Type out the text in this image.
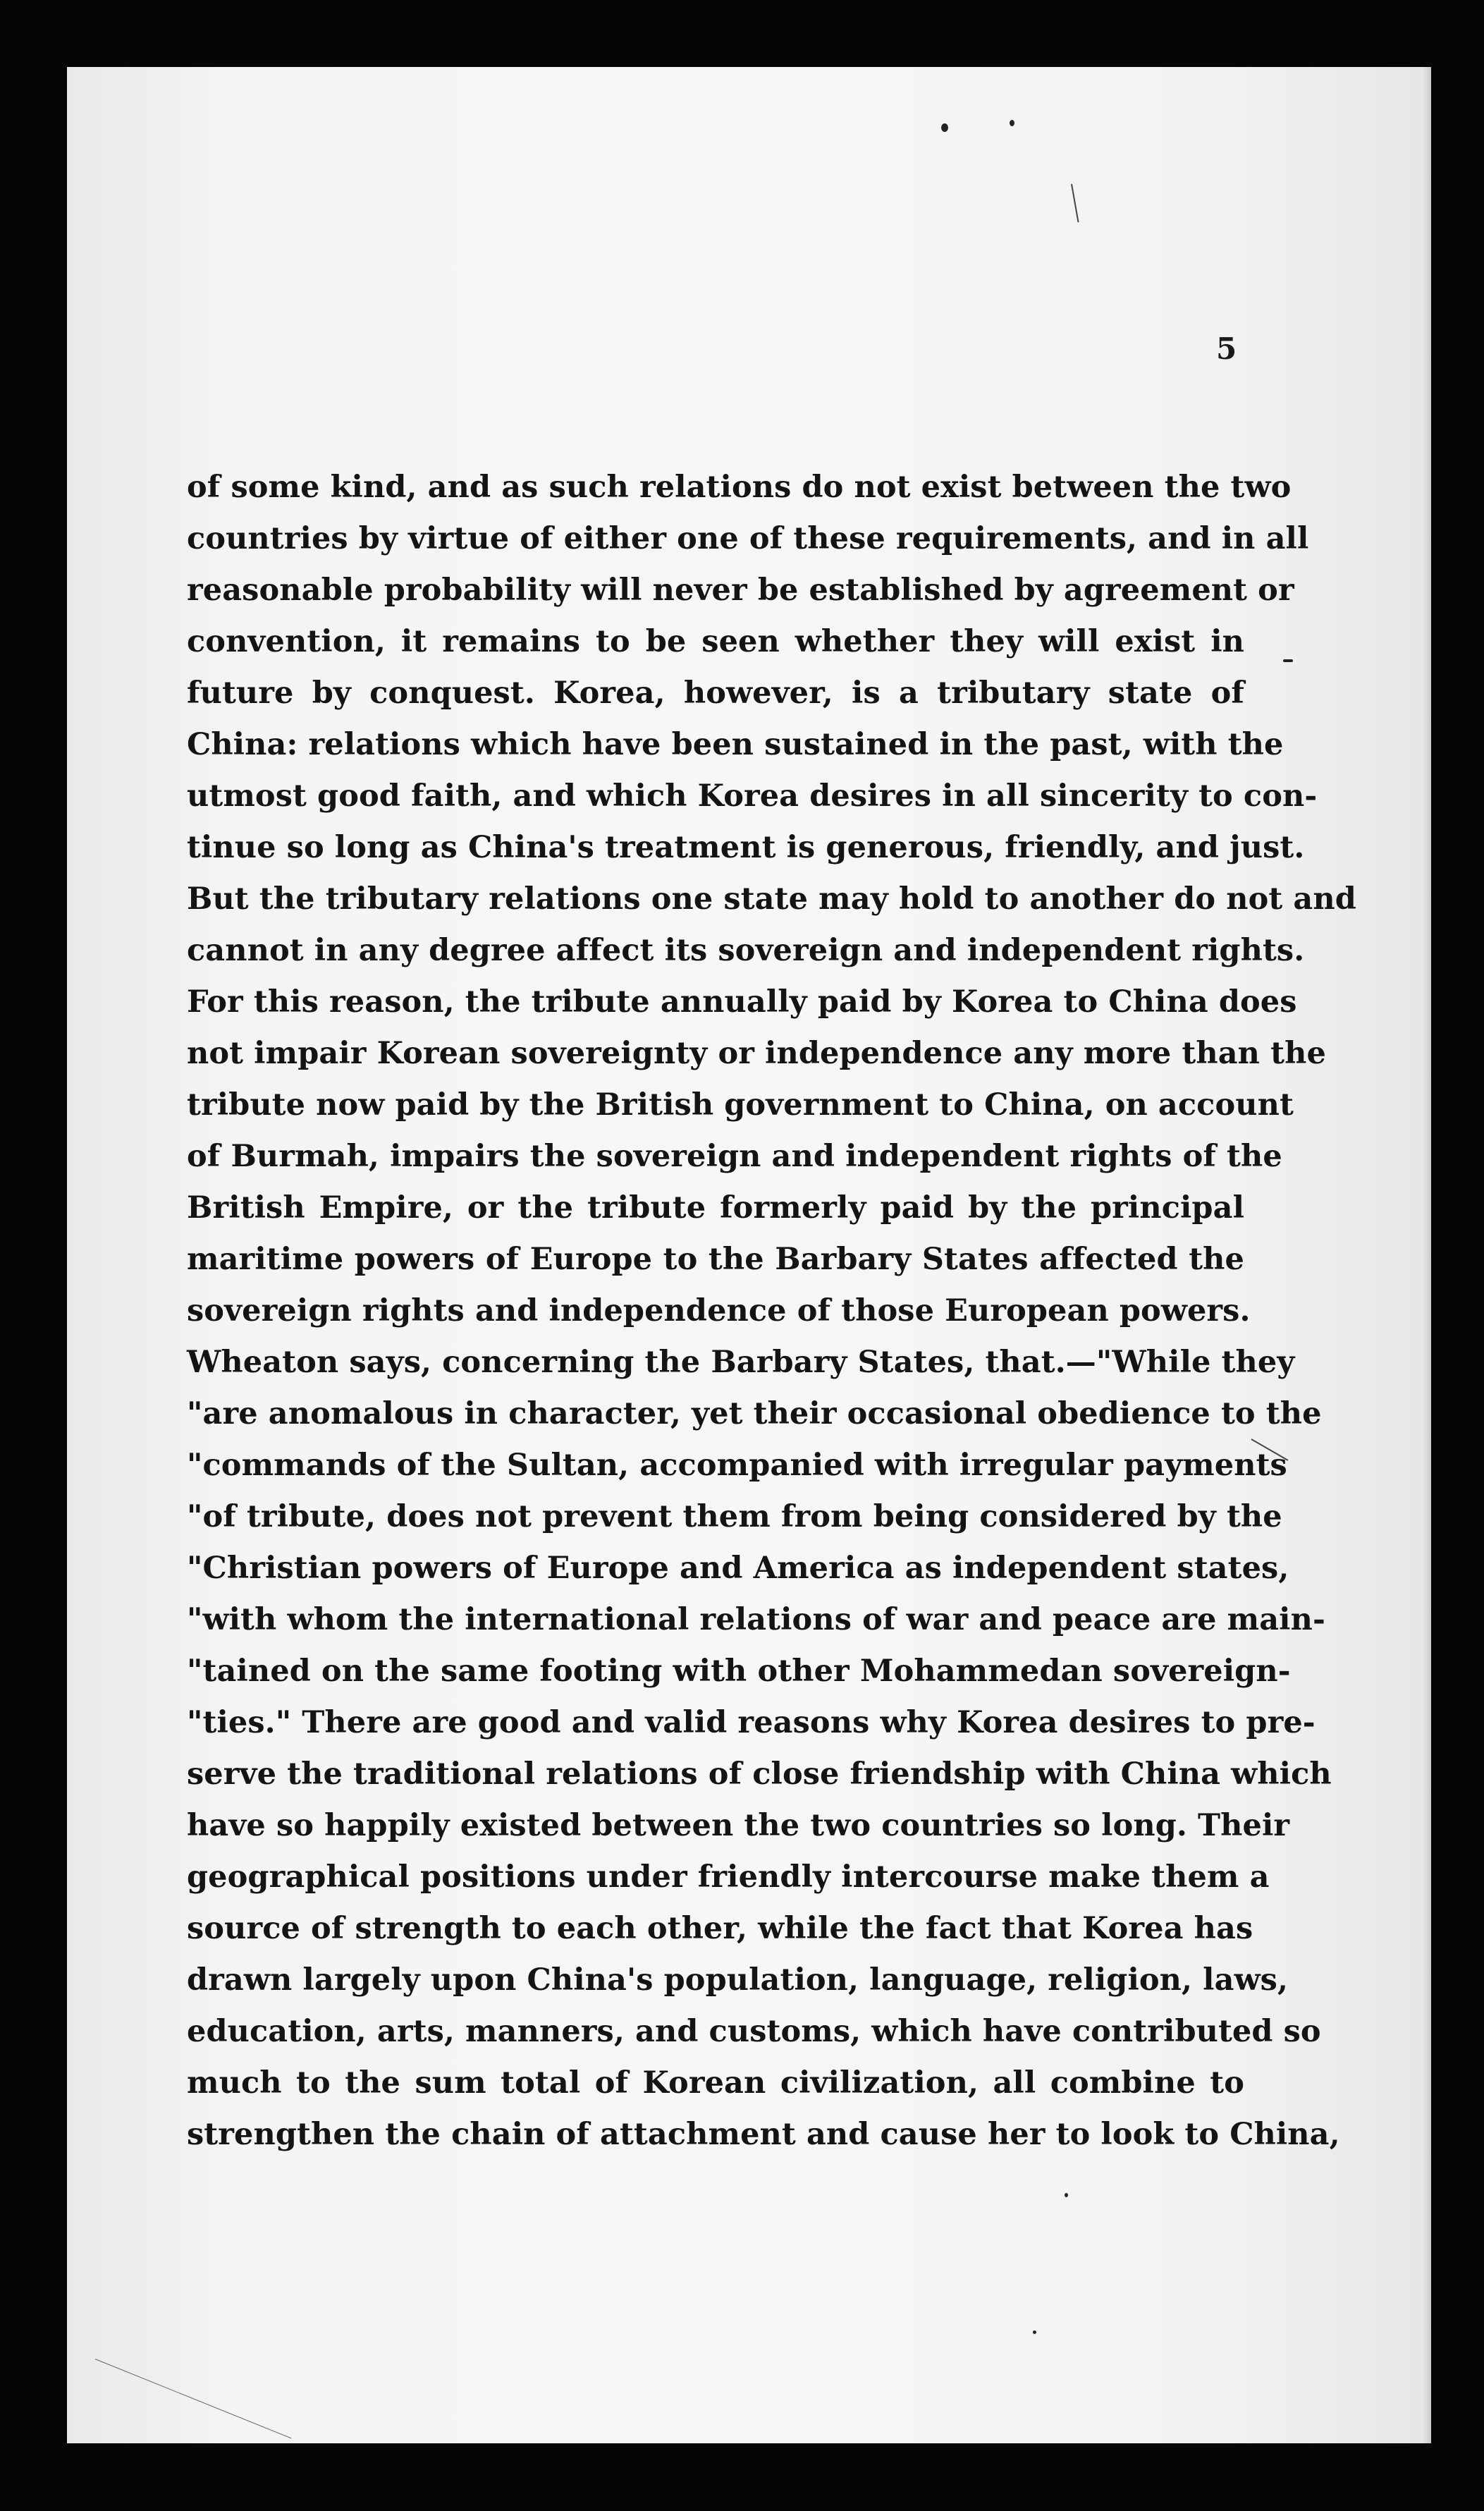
5
of some kind, and as such relations do not exist between the two
countries by virtue of either one of these requirements, and in all
reasonable probability will never be established by agreement or
convention, it remains to be seen whether they will exist in
future by conquest. Korea, however, is a tributary state of
China: relations which have been sustained in the past, with the
utmost good faith, and which Korea desires in all sincerity to con-
tinue so long as China's treatment is generous, friendly, and just.
But the tributary relations one state may hold to another do not and
cannot in any degree affect its sovereign and independent rights.
For this reason, the tribute annually paid by Korea to China does
not impair Korean sovereignty or independence any more than the
tribute now paid by the British government to China, on account
of Burmah, impairs the sovereign and independent rights of the
British Empire, or the tribute formerly paid by the principal
maritime powers of Europe to the Barbary States affected the
sovereign rights and independence of those European powers.
Wheaton says, concerning the Barbary States, that.—"While they
"are anomalous in character, yet their occasional obedience to the
"commands of the Sultan, accompanied with irregular payments
"of tribute, does not prevent them from being considered by the
"Christian powers of Europe and America as independent states,
"with whom the international relations of war and peace are main-
"tained on the same footing with other Mohammedan sovereign-
"ties." There are good and valid reasons why Korea desires to pre-
serve the traditional relations of close friendship with China which
have so happily existed between the two countries so long. Their
geographical positions under friendly intercourse make them a
source of strength to each other, while the fact that Korea has
drawn largely upon China's population, language, religion, laws,
education, arts, manners, and customs, which have contributed so
much to the sum total of Korean civilization, all combine to
strengthen the chain of attachment and cause her to look to China,
